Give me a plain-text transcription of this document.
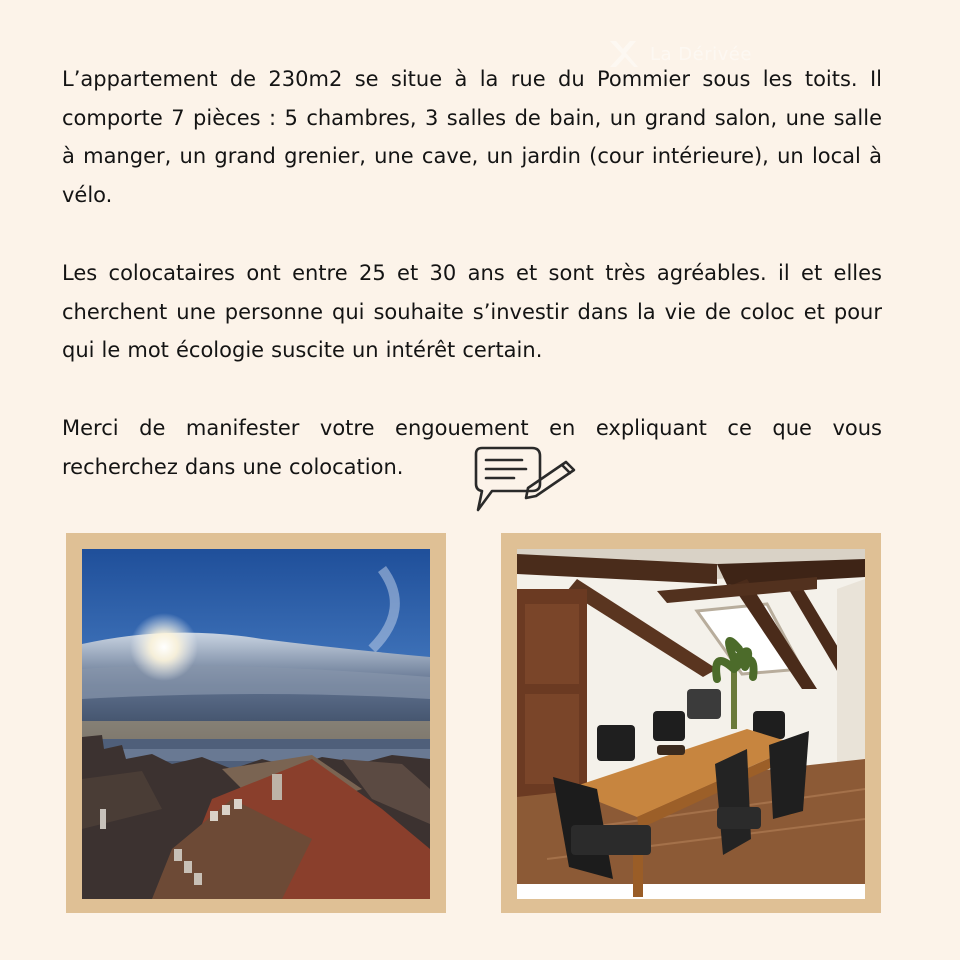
La Dérivée

L’appartement de 230m2 se situe à la rue du Pommier sous les toits. Il comporte 7 pièces : 5 chambres, 3 salles de bain, un grand salon, une salle à manger, un grand grenier, une cave, un jardin (cour intérieure), un local à vélo.

Les colocataires ont entre 25 et 30 ans et sont très agréables. il et elles cherchent une personne qui souhaite s’investir dans la vie de coloc et pour qui le mot écologie suscite un intérêt certain.

Merci de manifester votre engouement en expliquant ce que vous recherchez dans une colocation.
